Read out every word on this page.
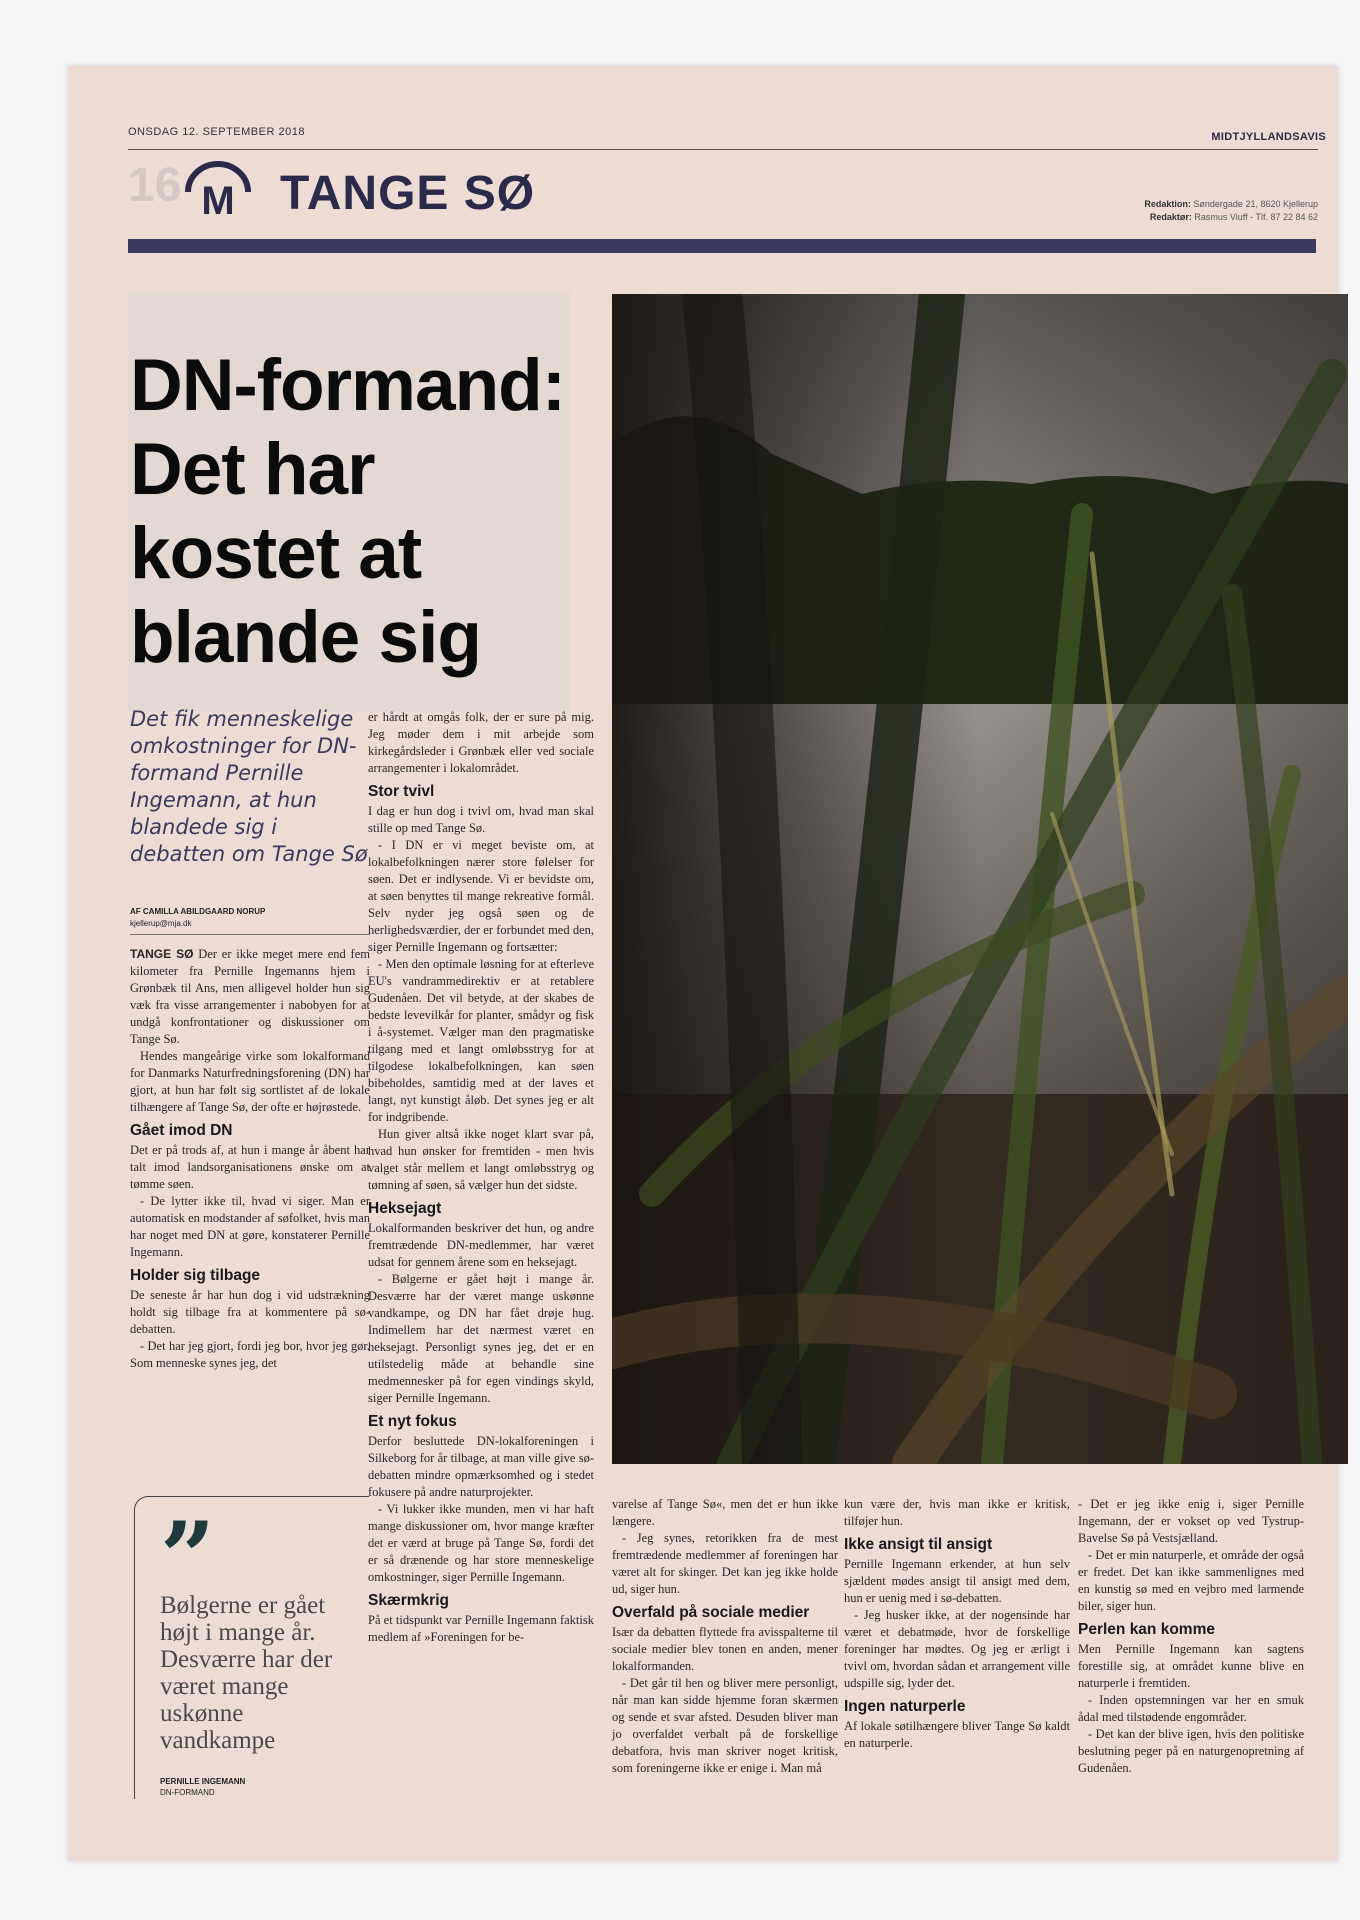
ONSDAG 12. SEPTEMBER 2018	MIDTJYLLANDSAVIS
16 M TANGE SØ	Redaktion: Søndergade 21, 8620 Kjellerup
Redaktør: Rasmus Viuff - Tlf. 87 22 84 62
DN-formand: Det har kostet at blande sig
Det fik menneskelige omkostninger for DN-formand Pernille Ingemann, at hun blandede sig i debatten om Tange Sø
AF CAMILLA ABILDGAARD NORUP
kjellerup@mja.dk

TANGE SØ Der er ikke meget mere end fem kilometer fra Pernille Ingemanns hjem i Grønbæk til Ans, men alligevel holder hun sig væk fra visse arrangementer i nabobyen for at undgå konfrontationer og diskussioner om Tange Sø.

Hendes mangeårige virke som lokalformand for Danmarks Naturfredningsforening (DN) har gjort, at hun har følt sig sortlistet af de lokale tilhængere af Tange Sø, der ofte er højrøstede.

Gået imod DN

Det er på trods af, at hun i mange år åbent har talt imod landsorganisationens ønske om at tømme søen.

- De lytter ikke til, hvad vi siger. Man er automatisk en modstander af søfolket, hvis man har noget med DN at gøre, konstaterer Pernille Ingemann.

Holder sig tilbage

De seneste år har hun dog i vid udstrækning holdt sig tilbage fra at kommentere på sø-debatten.

- Det har jeg gjort, fordi jeg bor, hvor jeg gør. Som menneske synes jeg, det

er hårdt at omgås folk, der er sure på mig. Jeg møder dem i mit arbejde som kirkegårdsleder i Grønbæk eller ved sociale arrangementer i lokalområdet.

Stor tvivl

I dag er hun dog i tvivl om, hvad man skal stille op med Tange Sø.

- I DN er vi meget beviste om, at lokalbefolkningen nærer store følelser for søen. Det er indlysende. Vi er bevidste om, at søen benyttes til mange rekreative formål. Selv nyder jeg også søen og de herlighedsværdier, der er forbundet med den, siger Pernille Ingemann og fortsætter:

- Men den optimale løsning for at efterleve EU's vandrammedirektiv er at retablere Gudenåen. Det vil betyde, at der skabes de bedste levevilkår for planter, smådyr og fisk i å-systemet. Vælger man den pragmatiske tilgang med et langt omløbsstryg for at tilgodese lokalbefolkningen, kan søen bibeholdes, samtidig med at der laves et langt, nyt kunstigt åløb. Det synes jeg er alt for indgribende.

Hun giver altså ikke noget klart svar på, hvad hun ønsker for fremtiden - men hvis valget står mellem et langt omløbsstryg og tømning af søen, så vælger hun det sidste.

Heksejagt

Lokalformanden beskriver det hun, og andre fremtrædende DN-medlemmer, har været udsat for gennem årene som en heksejagt.

- Bølgerne er gået højt i mange år. Desværre har der været mange uskønne vandkampe, og DN har fået drøje hug. Indimellem har det nærmest været en heksejagt. Personligt synes jeg, det er en utilstedelig måde at behandle sine medmennesker på for egen vindings skyld, siger Pernille Ingemann.

Et nyt fokus

Derfor besluttede DN-lokalforeningen i Silkeborg for år tilbage, at man ville give sø-debatten mindre opmærksomhed og i stedet fokusere på andre naturprojekter.

- Vi lukker ikke munden, men vi har haft mange diskussioner om, hvor mange kræfter det er værd at bruge på Tange Sø, fordi det er så drænende og har store menneskelige omkostninger, siger Pernille Ingemann.

Skærmkrig

På et tidspunkt var Pernille Ingemann faktisk medlem af »Foreningen for be-

varelse af Tange Sø«, men det er hun ikke længere.

- Jeg synes, retorikken fra de mest fremtrædende medlemmer af foreningen har været alt for skinger. Det kan jeg ikke holde ud, siger hun.

Overfald på sociale medier

Især da debatten flyttede fra avisspalterne til sociale medier blev tonen en anden, mener lokalformanden.

- Det går til hen og bliver mere personligt, når man kan sidde hjemme foran skærmen og sende et svar afsted. Desuden bliver man jo overfaldet verbalt på de forskellige debatfora, hvis man skriver noget kritisk, som foreningerne ikke er enige i. Man må

kun være der, hvis man ikke er kritisk, tilføjer hun.

Ikke ansigt til ansigt

Pernille Ingemann erkender, at hun selv sjældent mødes ansigt til ansigt med dem, hun er uenig med i sø-debatten.

- Jeg husker ikke, at der nogensinde har været et debatmøde, hvor de forskellige foreninger har mødtes. Og jeg er ærligt i tvivl om, hvordan sådan et arrangement ville udspille sig, lyder det.

Ingen naturperle

Af lokale søtilhængere bliver Tange Sø kaldt en naturperle.

- Det er jeg ikke enig i, siger Pernille Ingemann, der er vokset op ved Tystrup-Bavelse Sø på Vestsjælland.

- Det er min naturperle, et område der også er fredet. Det kan ikke sammenlignes med en kunstig sø med en vejbro med larmende biler, siger hun.

Perlen kan komme

Men Pernille Ingemann kan sagtens forestille sig, at området kunne blive en naturperle i fremtiden.

- Inden opstemningen var her en smuk ådal med tilstødende engområder.

- Det kan der blive igen, hvis den politiske beslutning peger på en naturgenopretning af Gudenåen.

”
Bølgerne er gået højt i mange år. Desværre har der været mange uskønne vandkampe
PERNILLE INGEMANN
DN-FORMAND
